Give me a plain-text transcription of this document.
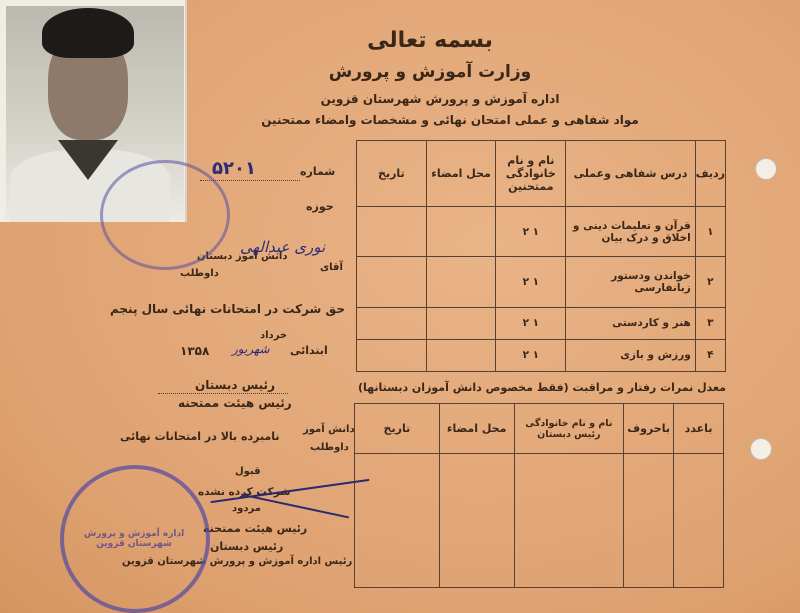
بسمه تعالی
وزارت آموزش و پرورش
اداره آموزش و پرورش شهرستان قزوین
مواد شفاهی و عملی امتحان نهائی و مشخصات وامضاء ممتحنین
شماره
۵۲۰۱
حوزه
دانش آموز دبستان
نوری عبدالهی
آقای
داوطلب
حق شرکت در امتحانات نهائی سال پنجم
خرداد
شهریور ابتدائی
۱۳۵۸
رئیس دبستان
رئیس هیئت ممتحنه
دانش آموز
داوطلب
نامبرده بالا در امتحانات نهائی
قبول
شرکت کرده نشده
مردود
رئیس هیئت ممتحنه
رئیس دبستان
رئیس اداره آموزش و پرورش شهرستان قزوین
اداره آموزش و پرورش شهرستان قزوین
ردیف	درس شفاهی وعملی	نام و نام خانوادگی ممتحنین	محل امضاء	تاریخ
۱	قرآن و تعلیمات دینی و اخلاق و درک بیان	۱ ۲		
۲	خواندن ودستور زبانفارسی	۱ ۲		
۳	هنر و کاردستی	۱ ۲		
۴	ورزش و بازی	۱ ۲		
معدل نمرات رفتار و مراقبت (فقط مخصوص دانش آموزان دبستانها)
باعدد	باحروف	نام و نام خانوادگی رئیس دبستان	محل امضاء	تاریخ
